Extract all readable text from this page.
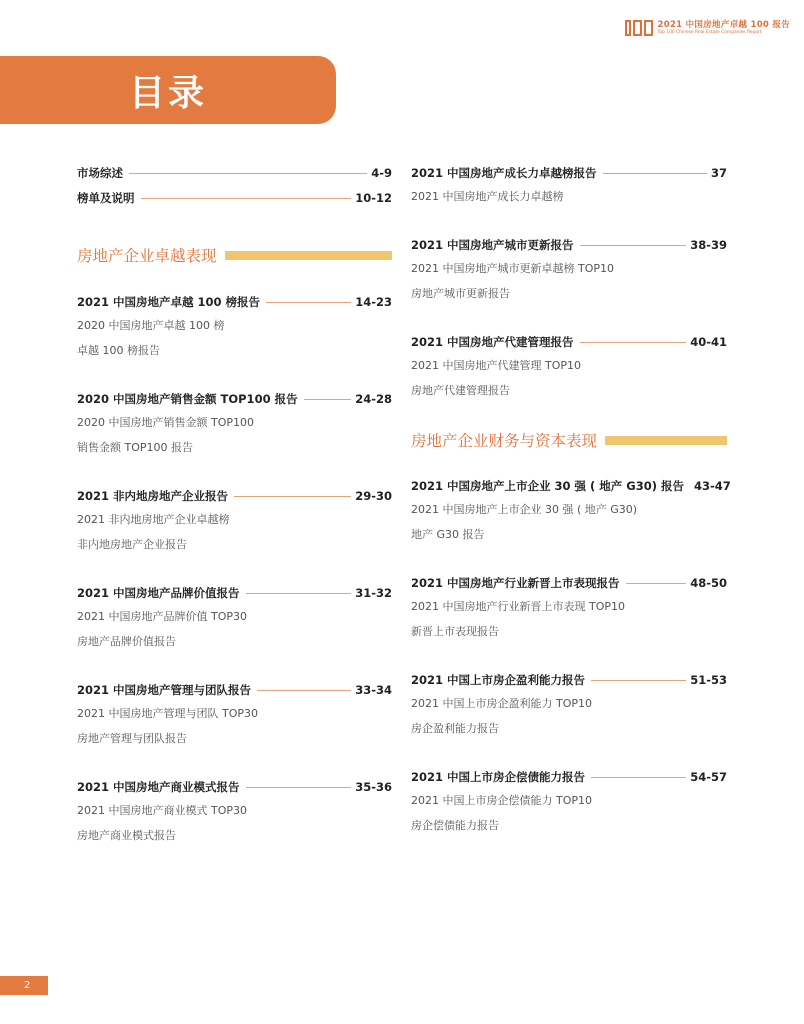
2021 中国房地产卓越 100 报告
Top 100 Chinese Real Estate Companies Report
目录
市场综述	4-9
榜单及说明	10-12
房地产企业卓越表现
2021 中国房地产卓越 100 榜报告	14-23
2020 中国房地产卓越 100 榜
卓越 100 榜报告
2020 中国房地产销售金额 TOP100 报告	24-28
2020 中国房地产销售金额 TOP100
销售金额 TOP100 报告
2021 非内地房地产企业报告	29-30
2021 非内地房地产企业卓越榜
非内地房地产企业报告
2021 中国房地产品牌价值报告	31-32
2021 中国房地产品牌价值 TOP30
房地产品牌价值报告
2021 中国房地产管理与团队报告	33-34
2021 中国房地产管理与团队 TOP30
房地产管理与团队报告
2021 中国房地产商业模式报告	35-36
2021 中国房地产商业模式 TOP30
房地产商业模式报告
2021 中国房地产成长力卓越榜报告	37
2021 中国房地产成长力卓越榜
2021 中国房地产城市更新报告	38-39
2021 中国房地产城市更新卓越榜 TOP10
房地产城市更新报告
2021 中国房地产代建管理报告	40-41
2021 中国房地产代建管理 TOP10
房地产代建管理报告
房地产企业财务与资本表现
2021 中国房地产上市企业 30 强 ( 地产 G30) 报告 43-47
2021 中国房地产上市企业 30 强 ( 地产 G30)
地产 G30 报告
2021 中国房地产行业新晋上市表现报告	48-50
2021 中国房地产行业新晋上市表现 TOP10
新晋上市表现报告
2021 中国上市房企盈利能力报告	51-53
2021 中国上市房企盈利能力 TOP10
房企盈利能力报告
2021 中国上市房企偿债能力报告	54-57
2021 中国上市房企偿债能力 TOP10
房企偿债能力报告
2
